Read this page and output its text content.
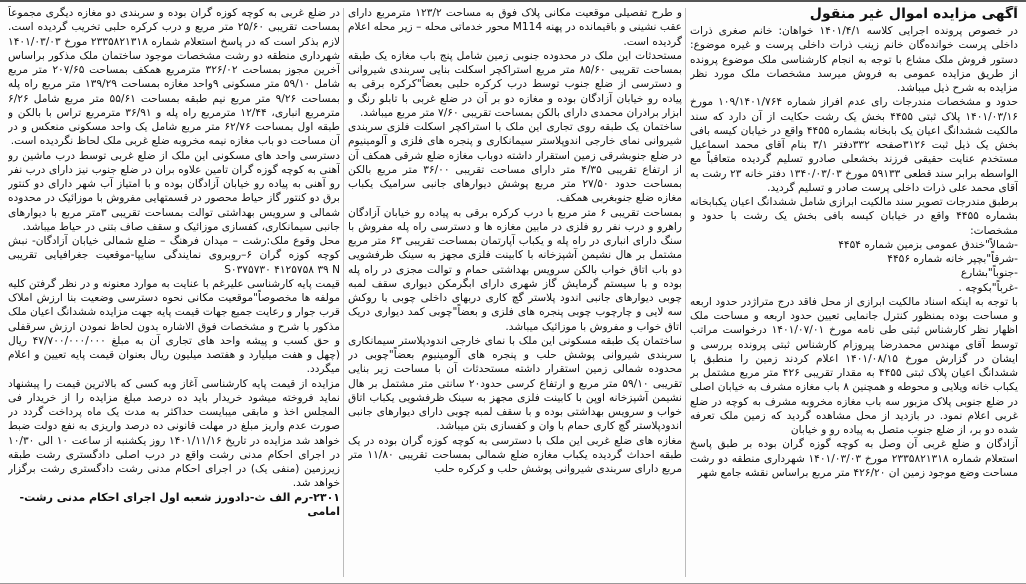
آگهی مزایده اموال غیر منقول

در خصوص پرونده اجرایی کلاسه ۱۴۰۱/۴/۱ خواهان: خانم صغری ذرات داخلی پرست خوانده‌گان خانم زینب ذرات داخلی پرست و غیره موضوع: دستور فروش ملک مشاع با توجه به انجام کارشناسی ملک موضوع پرونده از طریق مزایده عمومی به فروش میرسد مشخصات ملک مورد نظر مزایده به شرح ذیل میباشد.

حدود و مشخصات مندرجات رای عدم افراز شماره ۱۰۹/۱۴۰۱/۷۶۴ مورخ ۱۴۰۱/۰۳/۱۶ پلاک ثبتی ۴۴۵۵ بخش یک رشت حکایت از آن دارد که سند مالکیت ششدانگ اعیان یک بابخانه بشماره ۴۴۵۵ واقع در خیابان کیسه بافی بخش یک ذیل ثبت ۳۱۲۶صفحه ۳۳۲دفتر ۳/۱ بنام آقای محمد اسماعیل مستخدم عنایت حقیقی فرزند بخشعلی صادرو تسلیم گردیده متعاقباً مع الواسطه برابر سند قطعی ۵۹۱۳۳ مورخ ۱۳۴۰/۰۳/۰۳ دفتر خانه ۲۳ رشت به آقای محمد علی ذرات داخلی پرست صادر و تسلیم گردید.

برطبق مندرجات تصویر سند مالکیت ابرازی شامل ششدانگ اعیان یکبابخانه بشماره ۴۴۵۵ واقع در خیابان کیسه بافی بخش یک رشت با حدود و مشخصات:

-شمالاً"خندق عمومی بزمین شماره ۴۴۵۴

-شرقاً"بچپر خانه شماره ۴۴۵۶

-جنوباً"بشارع

-غرباً"بکوچه .

با توجه به اینکه اسناد مالکیت ابرازی از محل فاقد درج متراژدر حدود اربعه و مساحت بوده بمنظور کنترل جانمایی تعیین حدود اربعه و مساحت ملک اظهار نظر کارشناس ثبتی طی نامه مورخ ۱۴۰۱/۰۷/۰۱ درخواست مراتب توسط آقای مهندس محمدرضا پیروزام کارشناس ثبتی پرونده بررسی و ایشان در گزارش مورخ ۱۴۰۱/۰۸/۱۵ اعلام کردند زمین را منطبق با ششدانگ اعیان پلاک ثبتی ۴۴۵۵ به مقدار تقریبی ۴۲۶ متر مربع مشتمل بر یکباب خانه ویلایی و محوطه و همچنین ۸ باب مغازه مشرف به خیابان اصلی در ضلع جنوبی پلاک مزبور سه باب مغازه مخروبه مشرف به کوچه در ضلع غربی اعلام نمود. در بازدید از محل مشاهده گردید که زمین ملک تعرفه شده دو بر، از ضلع جنوب متصل به پیاده رو و خیابان

آزادگان و ضلع غربی آن وصل به کوچه گوزه گران بوده بر طبق پاسخ استعلام شماره ۲۳۳۵۸۲۱۳۱۸ مورخ ۱۴۰۱/۰۳/۰۳ شهرداری منطقه دو رشت مساحت وضع موجود زمین ان ۴۲۶/۲۰ متر مربع براساس نقشه جامع شهر

و طرح تفصیلی موقعیت مکانی پلاک فوق به مساحت ۱۲۳/۲ مترمربع دارای عقب نشینی و باقیمانده در پهنه M114 محور خدماتی محله – زیر محله اعلام گردیده است.

مستحدثات این ملک در محدوده جنوبی زمین شامل پنج باب مغازه یک طبقه بمساحت تقریبی ۸۵/۶۰ متر مربع استراکچر اسکلت بنایی سربندی شیروانی و دسترسی از ضلع جنوب توسط درب کرکره حلبی بعضاً"کرکره برقی به پیاده رو خیابان آزادگان بوده و مغازه دو بر آن در ضلع غربی با تابلو رنگ و ابزار برادران محمدی دارای بالکن بمساحت تقریبی ۷/۶۰ متر مربع میباشد.

ساختمان یک طبقه روی تجاری این ملک با استراکچر اسکلت فلزی سربندی شیروانی نمای خارجی اندوپلاستر سیمانکاری و پنجره های فلزی و آلومینیوم در ضلع جنوبشرقی زمین استقرار داشته دوباب مغازه ضلع شرقی همکف آن از ارتفاع تقریبی ۴/۳۵ متر دارای مساحت تقریبی ۳۶/۰۰ متر مربع بالکن بمساحت حدود ۲۷/۵۰ متر مربع پوشش دیوارهای جانبی سرامیک یکباب مغازه ضلع جنوبغربی همکف.

بمساحت تقریبی ۶ متر مربع با درب کرکره برقی به پیاده رو خیابان آزادگان راهرو و درب نفر رو فلزی در مابین مغازه ها و دسترسی راه پله مفروش با سنگ دارای انباری در راه پله و یکباب آپارتمان بمساحت تقریبی ۶۳ متر مربع مشتمل بر هال نشیمن آشپزخانه با کابینت فلزی مجهز به سینک ظرفشویی دو باب اتاق خواب بالکن سرویس بهداشتی حمام و توالت مجزی در راه پله بوده و با سیستم گرمایش گاز شهری دارای ابگرمکن دیواری سقف لمبه چوبی دیوارهای جانبی اندود پلاستر گچ کاری دربهای داخلی چوبی با روکش سه لایی و چارچوب چوبی پنجره های فلزی و بعضاً"چوبی کمد دیواری دریک اتاق خواب و مفروش با موزائیک میباشد.

ساختمان یک طبقه مسکونی این ملک با نمای خارجی اندودپلاستر سیمانکاری سربندی شیروانی پوشش حلب و پنجره های آلومینیوم بعضاً"چوبی در محدوده شمالی زمین استقرار داشته مستحدثات آن با مساحت زیر بنایی تقریبی ۵۹/۱۰ متر مربع و ارتفاع کرسی حدود۲۰ سانتی متر مشتمل بر هال نشیمن آشپزخانه اوپن با کابینت فلزی مجهز به سینک ظرفشویی یکباب اتاق خواب و سرویس بهداشتی بوده و با سقف لمبه چوبی دارای دیوارهای جانبی اندودپلاستر گچ کاری حمام با وان و کفسازی بتن میباشد.

مغازه های ضلع غربی این ملک با دسترسی به کوچه کوزه گران بوده در یک طبقه احداث گردیده یکباب مغازه ضلع شمالی بمساحت تقریبی ۱۱/۸۰ متر مربع دارای سربندی شیروانی پوشش حلب و کرکره حلب

در ضلع غربی به کوچه کوزه گران بوده و سربندی دو مغازه دیگری مجموعاً بمساحت تقریبی ۲۵/۶۰ متر مربع و درب کرکره حلبی تخریب گردیده است. لازم بذکر است که در پاسخ استعلام شماره ۲۳۳۵۸۲۱۳۱۸ مورخ ۱۴۰۱/۰۳/۰۳ شهرداری منطقه دو رشت مشخصات موجود ساختمان ملک مذکور براساس آخرین مجوز بمساحت ۳۲۶/۰۲ مترمربع همکف بمساحت ۲۰۷/۶۵ متر مربع شامل ۵۹/۱۰ متر مسکونی ۹واحد مغازه بمساحت ۱۳۹/۲۹ متر مربع راه پله بمساحت ۹/۲۶ متر مربع نیم طبقه بمساحت ۵۵/۶۱ متر مربع شامل ۶/۲۶ مترمربع انباری، ۱۲/۴۴ مترمربع راه پله و ۳۶/۹۱ مترمربع تراس با بالکن و طبقه اول بمساحت ۶۲/۷۶ متر مربع شامل یک واحد مسکونی منعکس و در آن مساحت دو باب مغازه نیمه مخروبه ضلع غربی ملک لحاظ نگردیده است.

دسترسی واحد های مسکونی این ملک از ضلع غربی توسط درب ماشین رو آهنی به کوچه گوزه گران تامین علاوه بران در ضلع جنوب نیز دارای درب نفر رو آهنی به پیاده رو خیابان آزادگان بوده و با امتیاز آب شهر دارای دو کنتور برق دو کنتور گاز حیاط محصور در قسمتهایی مفروش با موزائیک در محدوده شمالی و سرویس بهداشتی توالت بمساحت تقریبی ۳متر مربع با دیوارهای جانبی سیمانکاری، کفسازی موزائیک و سقف صاف بتنی در حیاط میباشد.

محل وقوع ملک:رشت – میدان فرهنگ – ضلع شمالی خیابان آزادگان- نبش کوچه کوزه گران ۶–روبروی نمایندگی سایپا-موقعیت جغرافیایی تقریبی S۰۳۷۵۷۳۰ ۴۱۲۵۷۵۸ ۳۹ N

قیمت پایه کارشناسی علیرغم با عنایت به موارد معنونه و در نظر گرفتن کلیه مولفه ها مخصوصاً"موقعیت مکانی نحوه دسترسی وضعیت بنا ارزش املاک قرب جوار و رعایت جمیع جهات قیمت پایه جهت مزایده ششدانگ اعیان ملک مذکور با شرح و مشخصات فوق الاشاره بدون لحاظ نمودن ارزش سرقفلی و حق کسب و پیشه واحد های تجاری آن به مبلغ ۴۷/۷۰۰/۰۰۰/۰۰۰ ریال (چهل و هفت میلیارد و هفتصد میلیون ریال بعنوان قیمت پایه تعیین و اعلام میگردد.

مزایده از قیمت پایه کارشناسی آغاز وبه کسی که بالاترین قیمت را پیشنهاد نماید فروخته میشود خریدار باید ده درصد مبلغ مزایده را از خریدار فی المجلس اخذ و مابقی میبایست حداکثر به مدت یک ماه پرداخت گردد در صورت عدم واریز مبلغ در مهلت قانونی ده درصد واریزی به نفع دولت ضبط خواهد شد مزایده در تاریخ ۱۴۰۱/۱۱/۱۶ روز یکشنبه از ساعت ۱۰ الی ۱۰/۳۰ در اجرای احکام مدنی رشت واقع در درب اصلی دادگستری رشت طبقه زیرزمین (منفی یک) در اجرای احکام مدنی رشت دادگستری رشت برگزار خواهد شد.

۲۳۰۱-رم الف ث-دادورز شعبه اول اجرای احکام مدنی رشت-امامی
